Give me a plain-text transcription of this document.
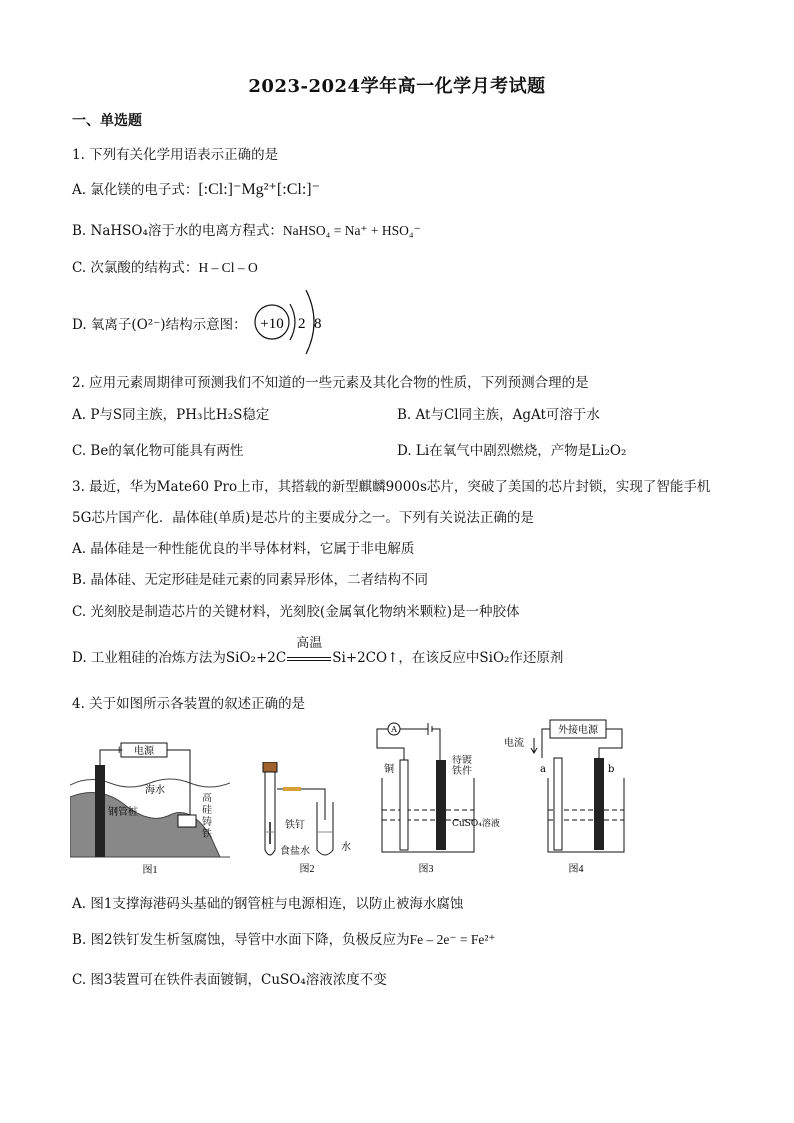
2023-2024学年高一化学月考试题
一、单选题
1. 下列有关化学用语表示正确的是
A. 氯化镁的电子式：[:Cl:]⁻Mg²⁺[:Cl:]⁻
B. NaHSO₄溶于水的电离方程式：NaHSO₄ = Na⁺ + HSO₄⁻
C. 次氯酸的结构式：H – Cl – O
D. 氧离子(O²⁻)结构示意图： +10 2 8
2. 应用元素周期律可预测我们不知道的一些元素及其化合物的性质，下列预测合理的是
A. P与S同主族，PH₃比H₂S稳定	B. At与Cl同主族，AgAt可溶于水
C. Be的氧化物可能具有两性	D. Li在氧气中剧烈燃烧，产物是Li₂O₂
3. 最近，华为Mate60 Pro上市，其搭载的新型麒麟9000s芯片，突破了美国的芯片封锁，实现了智能手机
5G芯片国产化．晶体硅(单质)是芯片的主要成分之一。下列有关说法正确的是
A. 晶体硅是一种性能优良的半导体材料，它属于非电解质
B. 晶体硅、无定形硅是硅元素的同素异形体，二者结构不同
C. 光刻胶是制造芯片的关键材料，光刻胶(金属氧化物纳米颗粒)是一种胶体
D. 工业粗硅的冶炼方法为SiO₂+2C
高温
Si+2CO↑，在该反应中SiO₂作还原剂
4. 关于如图所示各装置的叙述正确的是
电源
+	-
钢管桩
海水
高硅铸铁
图1
铁钉
食盐水	水
图2
A
铜
待镀铁件
CuSO₄溶液
图3
外接电源
电流
a	b
图4
A. 图1支撑海港码头基础的钢管桩与电源相连，以防止被海水腐蚀
B. 图2铁钉发生析氢腐蚀，导管中水面下降，负极反应为Fe – 2e⁻ = Fe²⁺
C. 图3装置可在铁件表面镀铜，CuSO₄溶液浓度不变
